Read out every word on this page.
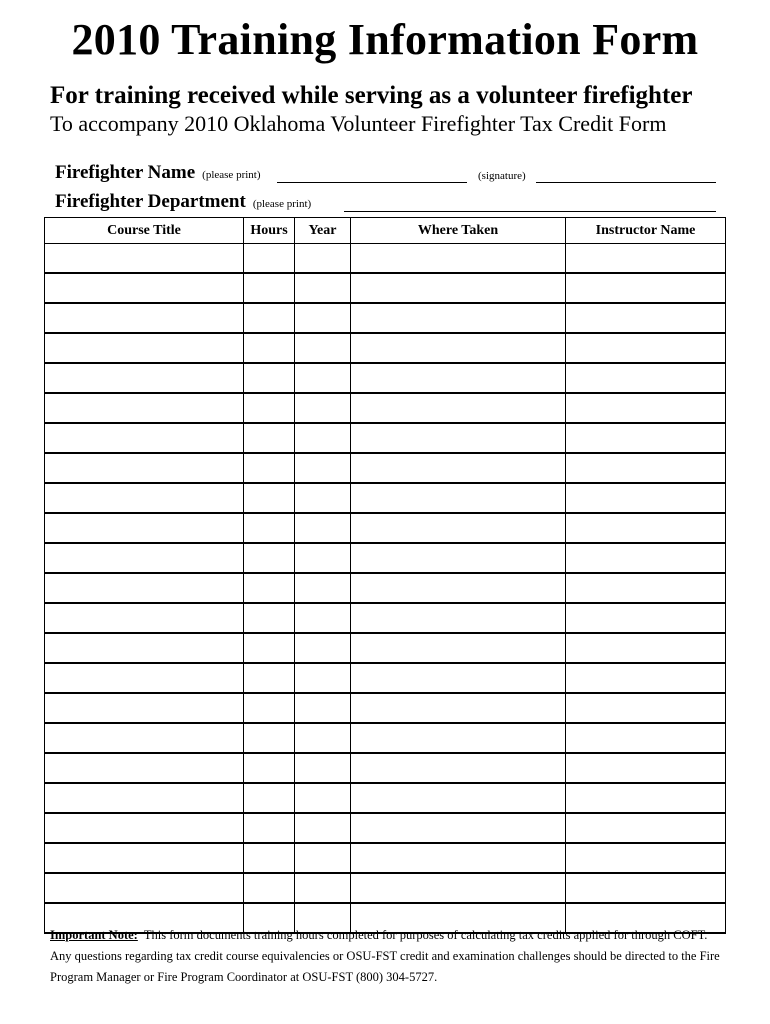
2010 Training Information Form
For training received while serving as a volunteer firefighter
To accompany 2010 Oklahoma Volunteer Firefighter Tax Credit Form
Firefighter Name (please print)	(signature)
Firefighter Department (please print)
Course Title	Hours	Year	Where Taken	Instructor Name

Important Note: This form documents training hours completed for purposes of calculating tax credits applied for through COFT. Any questions regarding tax credit course equivalencies or OSU-FST credit and examination challenges should be directed to the Fire Program Manager or Fire Program Coordinator at OSU-FST (800) 304-5727.
